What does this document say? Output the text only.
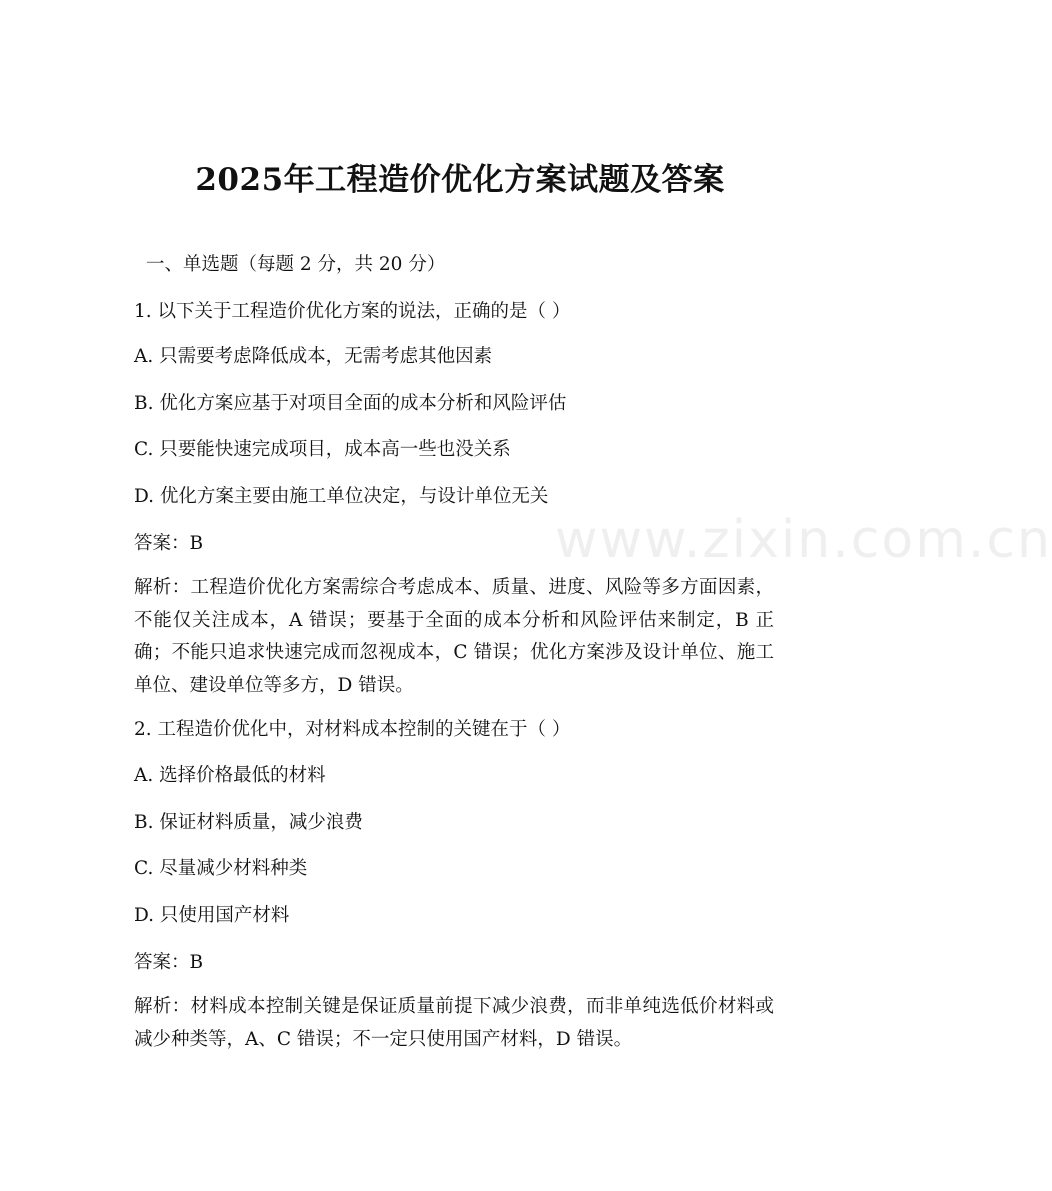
2025年工程造价优化方案试题及答案
一、单选题（每题 2 分，共 20 分）
1. 以下关于工程造价优化方案的说法，正确的是（ ）
A. 只需要考虑降低成本，无需考虑其他因素
B. 优化方案应基于对项目全面的成本分析和风险评估
C. 只要能快速完成项目，成本高一些也没关系
D. 优化方案主要由施工单位决定，与设计单位无关
答案：B
解析：工程造价优化方案需综合考虑成本、质量、进度、风险等多方面因素，不能仅关注成本，A 错误；要基于全面的成本分析和风险评估来制定，B 正确；不能只追求快速完成而忽视成本，C 错误；优化方案涉及设计单位、施工单位、建设单位等多方，D 错误。
2. 工程造价优化中，对材料成本控制的关键在于（ ）
A. 选择价格最低的材料
B. 保证材料质量，减少浪费
C. 尽量减少材料种类
D. 只使用国产材料
答案：B
解析：材料成本控制关键是保证质量前提下减少浪费，而非单纯选低价材料或减少种类等，A、C 错误；不一定只使用国产材料，D 错误。
www.zixin.com.cn
